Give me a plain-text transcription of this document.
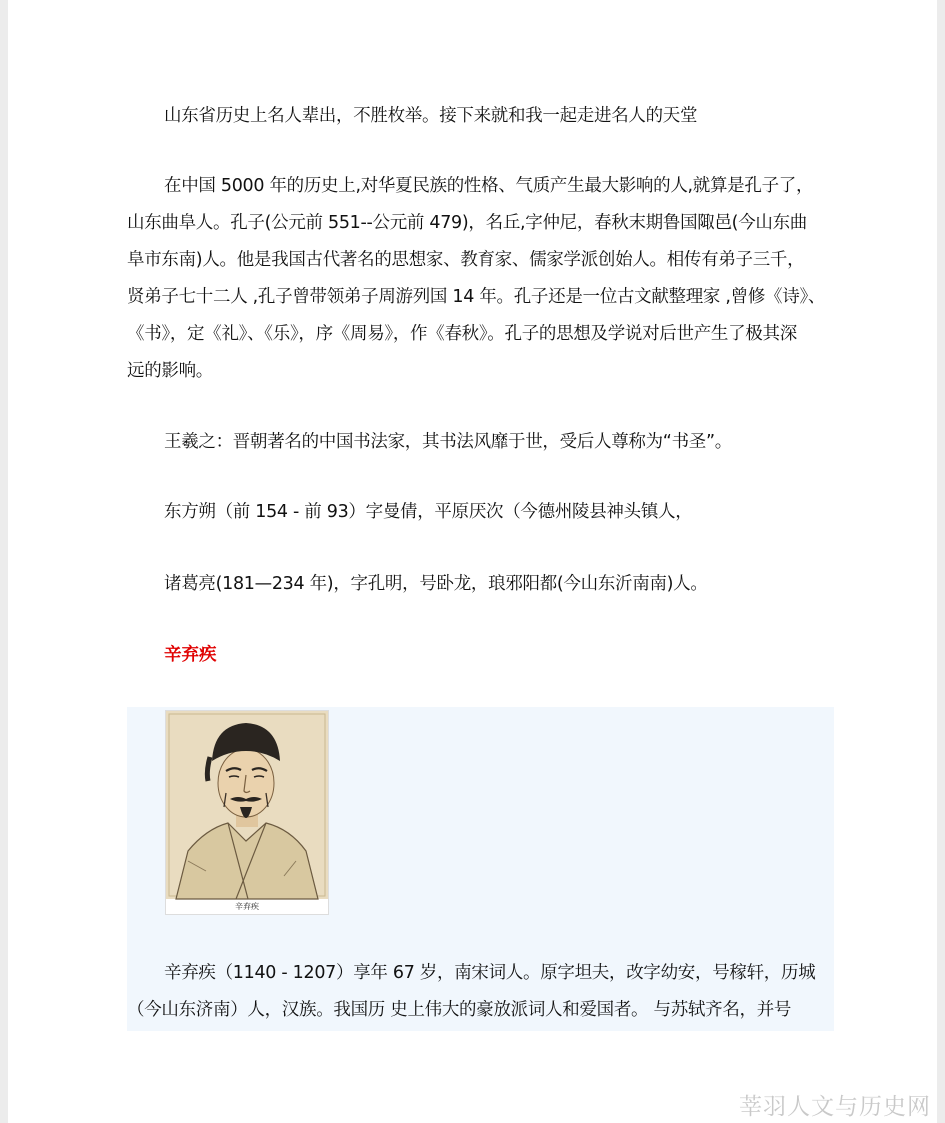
山东省历史上名人辈出，不胜枚举。接下来就和我一起走进名人的天堂
在中国 5000 年的历史上,对华夏民族的性格、气质产生最大影响的人,就算是孔子了，
山东曲阜人。孔子(公元前 551--公元前 479)，名丘,字仲尼，春秋末期鲁国陬邑(今山东曲
阜市东南)人。他是我国古代著名的思想家、教育家、儒家学派创始人。相传有弟子三千，
贤弟子七十二人 ,孔子曾带领弟子周游列国 14 年。孔子还是一位古文献整理家 ,曾修《诗》、
《书》，定《礼》、《乐》，序《周易》，作《春秋》。孔子的思想及学说对后世产生了极其深
远的影响。
王羲之：晋朝著名的中国书法家，其书法风靡于世，受后人尊称为“书圣”。
东方朔（前 154 - 前 93）字曼倩，平原厌次（今德州陵县神头镇人，
诸葛亮(181—234 年)，字孔明，号卧龙，琅邪阳都(今山东沂南南)人。
辛弃疾
辛弃疾
辛弃疾（1140 - 1207）享年 67 岁，南宋词人。原字坦夫，改字幼安，号稼轩，历城
（今山东济南）人，汉族。我国历 史上伟大的豪放派词人和爱国者。 与苏轼齐名，并号
莘羽人文与历史网
